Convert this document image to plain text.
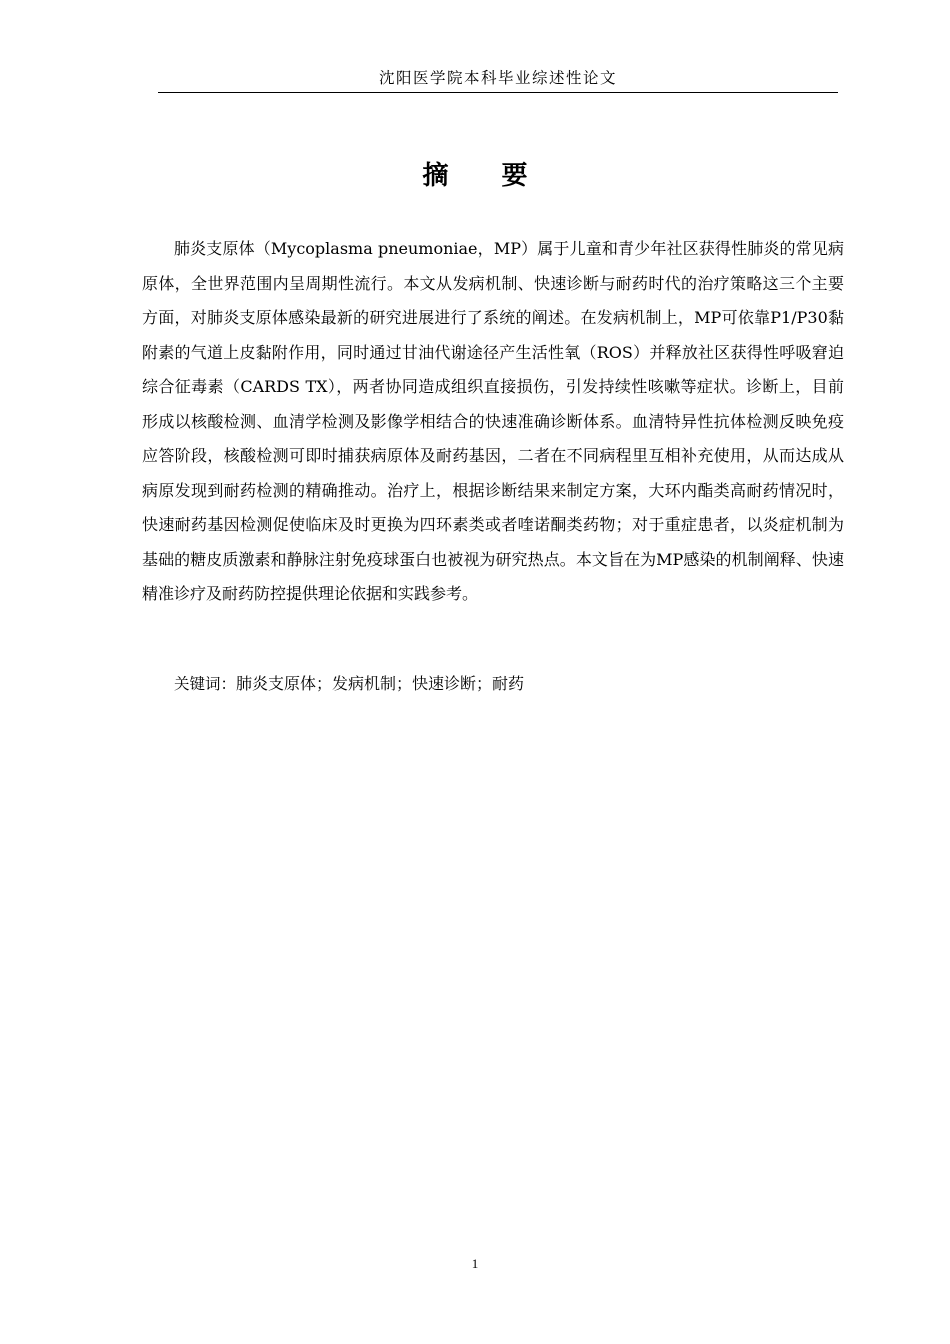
沈阳医学院本科毕业综述性论文
摘 要

肺炎支原体（Mycoplasma pneumoniae，MP）属于儿童和青少年社区获得性肺炎的常见病原体，全世界范围内呈周期性流行。本文从发病机制、快速诊断与耐药时代的治疗策略这三个主要方面，对肺炎支原体感染最新的研究进展进行了系统的阐述。在发病机制上，MP可依靠P1/P30黏附素的气道上皮黏附作用，同时通过甘油代谢途径产生活性氧（ROS）并释放社区获得性呼吸窘迫综合征毒素（CARDS TX），两者协同造成组织直接损伤，引发持续性咳嗽等症状。诊断上，目前形成以核酸检测、血清学检测及影像学相结合的快速准确诊断体系。血清特异性抗体检测反映免疫应答阶段，核酸检测可即时捕获病原体及耐药基因，二者在不同病程里互相补充使用，从而达成从病原发现到耐药检测的精确推动。治疗上，根据诊断结果来制定方案，大环内酯类高耐药情况时，快速耐药基因检测促使临床及时更换为四环素类或者喹诺酮类药物；对于重症患者，以炎症机制为基础的糖皮质激素和静脉注射免疫球蛋白也被视为研究热点。本文旨在为MP感染的机制阐释、快速精准诊疗及耐药防控提供理论依据和实践参考。

关键词：肺炎支原体；发病机制；快速诊断；耐药

1
